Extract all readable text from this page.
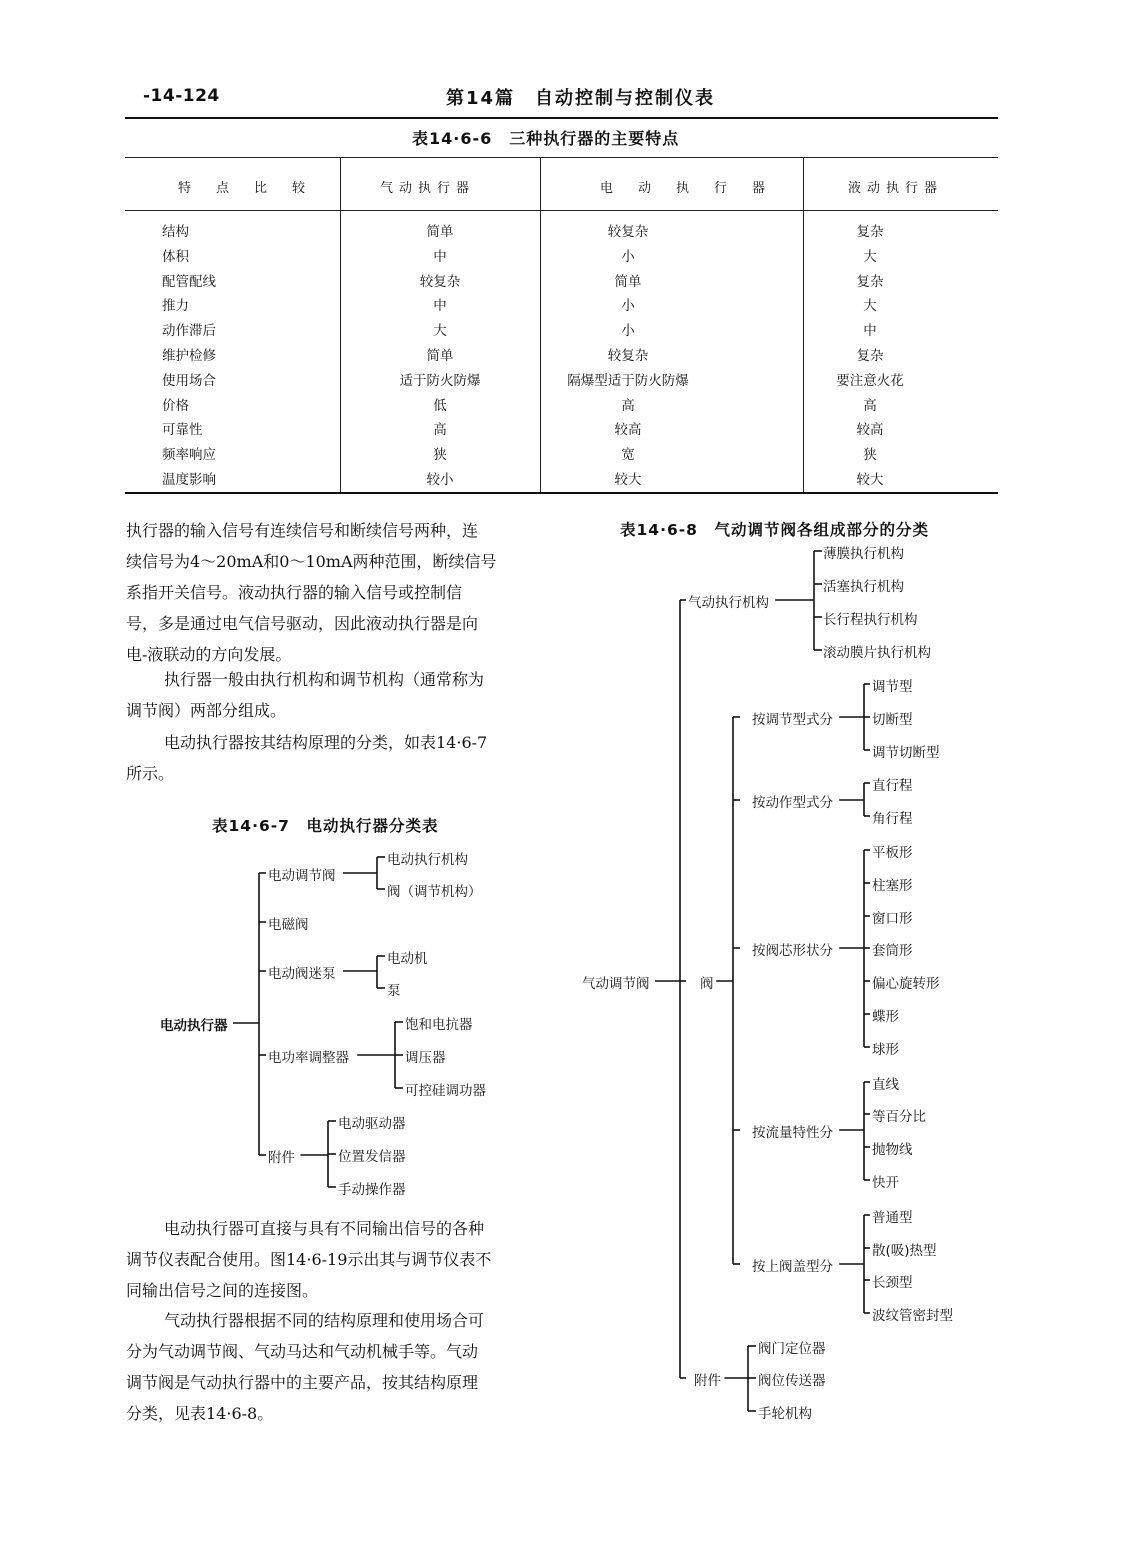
-14-124	第14篇　自动控制与控制仪表
表14·6-6　三种执行器的主要特点
特　点　比　较	气动执行器	电　动　执　行　器	液动执行器
结构	简单	较复杂	复杂
体积	中	小	大
配管配线	较复杂	简单	复杂
推力	中	小	大
动作滞后	大	小	中
维护检修	简单	较复杂	复杂
使用场合	适于防火防爆	隔爆型适于防火防爆	要注意火花
价格	低	高	高
可靠性	高	较高	较高
频率响应	狭	宽	狭
温度影响	较小	较大	较大
执行器的输入信号有连续信号和断续信号两种，连
续信号为4～20mA和0～10mA两种范围，断续信号
系指开关信号。液动执行器的输入信号或控制信
号，多是通过电气信号驱动，因此液动执行器是向
电-液联动的方向发展。
执行器一般由执行机构和调节机构（通常称为
调节阀）两部分组成。
电动执行器按其结构原理的分类，如表14·6-7
所示。
表14·6-7　电动执行器分类表
电动执行器可直接与具有不同输出信号的各种
调节仪表配合使用。图14·6-19示出其与调节仪表不
同输出信号之间的连接图。
气动执行器根据不同的结构原理和使用场合可
分为气动调节阀、气动马达和气动机械手等。气动
调节阀是气动执行器中的主要产品，按其结构原理
分类，见表14·6-8。
表14·6-8　气动调节阀各组成部分的分类
电动执行器
电动调节阀
电动执行机构
阀（调节机构）
电磁阀
电动阀迷泵
电动机
泵
电功率调整器
饱和电抗器
调压器
可控硅调功器
附件
电动驱动器
位置发信器
手动操作器
气动调节阀
气动执行机构
薄膜执行机构
活塞执行机构
长行程执行机构
滚动膜片执行机构
阀
按调节型式分
调节型
切断型
调节切断型
按动作型式分
直行程
角行程
按阀芯形状分
平板形
柱塞形
窗口形
套筒形
偏心旋转形
蝶形
球形
按流量特性分
直线
等百分比
抛物线
快开
按上阀盖型分
普通型
散(吸)热型
长颈型
波纹管密封型
附件
阀门定位器
阀位传送器
手轮机构
